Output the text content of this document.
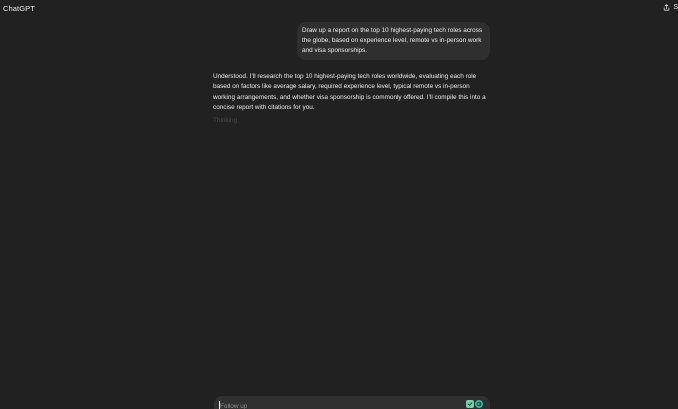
ChatGPT	S
Draw up a report on the top 10 highest-paying tech roles across the globe, based on experience level, remote vs in-person work and visa sponsorships.
Understood. I’ll research the top 10 highest-paying tech roles worldwide, evaluating each role based on factors like average salary, required experience level, typical remote vs in-person working arrangements, and whether visa sponsorship is commonly offered. I’ll compile this into a concise report with citations for you.
Thinking
Follow up
